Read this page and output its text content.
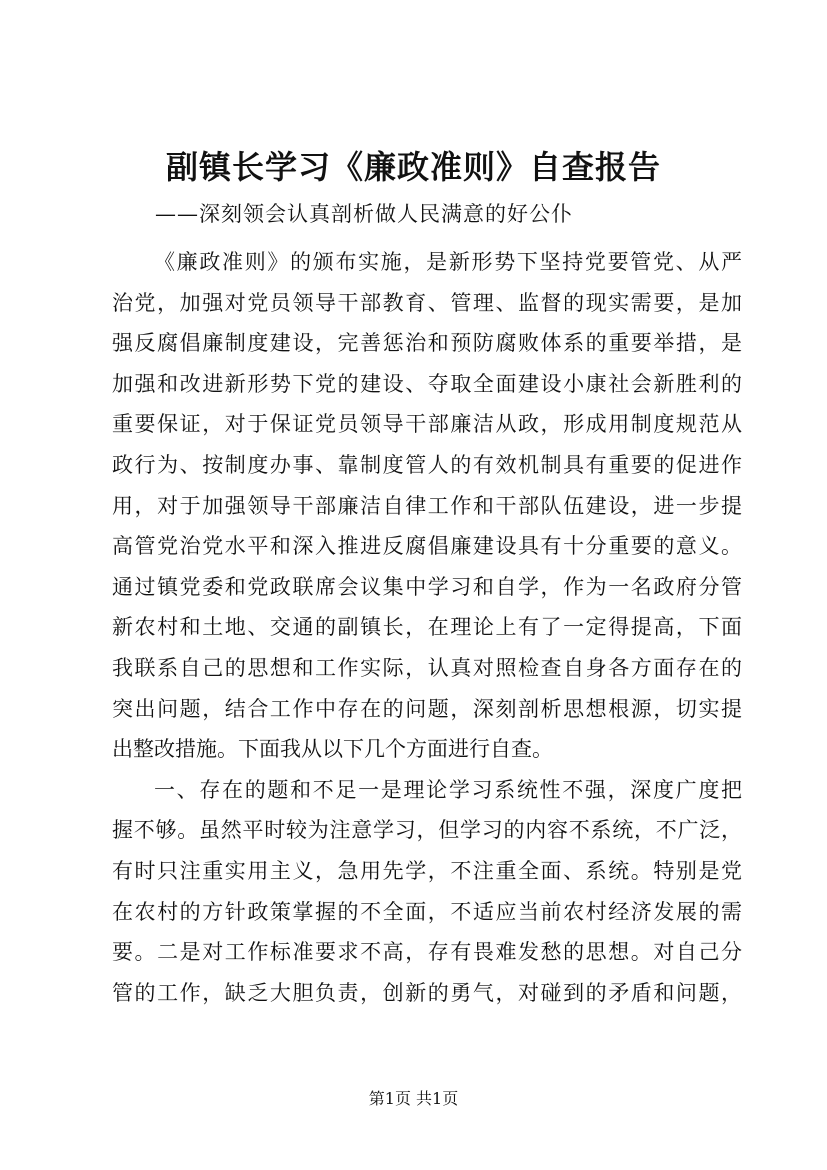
副镇长学习《廉政准则》自查报告
——深刻领会认真剖析做人民满意的好公仆
《廉政准则》的颁布实施，是新形势下坚持党要管党、从严
治党，加强对党员领导干部教育、管理、监督的现实需要，是加
强反腐倡廉制度建设，完善惩治和预防腐败体系的重要举措，是
加强和改进新形势下党的建设、夺取全面建设小康社会新胜利的
重要保证，对于保证党员领导干部廉洁从政，形成用制度规范从
政行为、按制度办事、靠制度管人的有效机制具有重要的促进作
用，对于加强领导干部廉洁自律工作和干部队伍建设，进一步提
高管党治党水平和深入推进反腐倡廉建设具有十分重要的意义。
通过镇党委和党政联席会议集中学习和自学，作为一名政府分管
新农村和土地、交通的副镇长，在理论上有了一定得提高，下面
我联系自己的思想和工作实际，认真对照检查自身各方面存在的
突出问题，结合工作中存在的问题，深刻剖析思想根源，切实提
出整改措施。下面我从以下几个方面进行自查。
一、存在的题和不足一是理论学习系统性不强，深度广度把
握不够。虽然平时较为注意学习，但学习的内容不系统，不广泛，
有时只注重实用主义，急用先学，不注重全面、系统。特别是党
在农村的方针政策掌握的不全面，不适应当前农村经济发展的需
要。二是对工作标准要求不高，存有畏难发愁的思想。对自己分
管的工作，缺乏大胆负责，创新的勇气，对碰到的矛盾和问题，
第1页 共1页
